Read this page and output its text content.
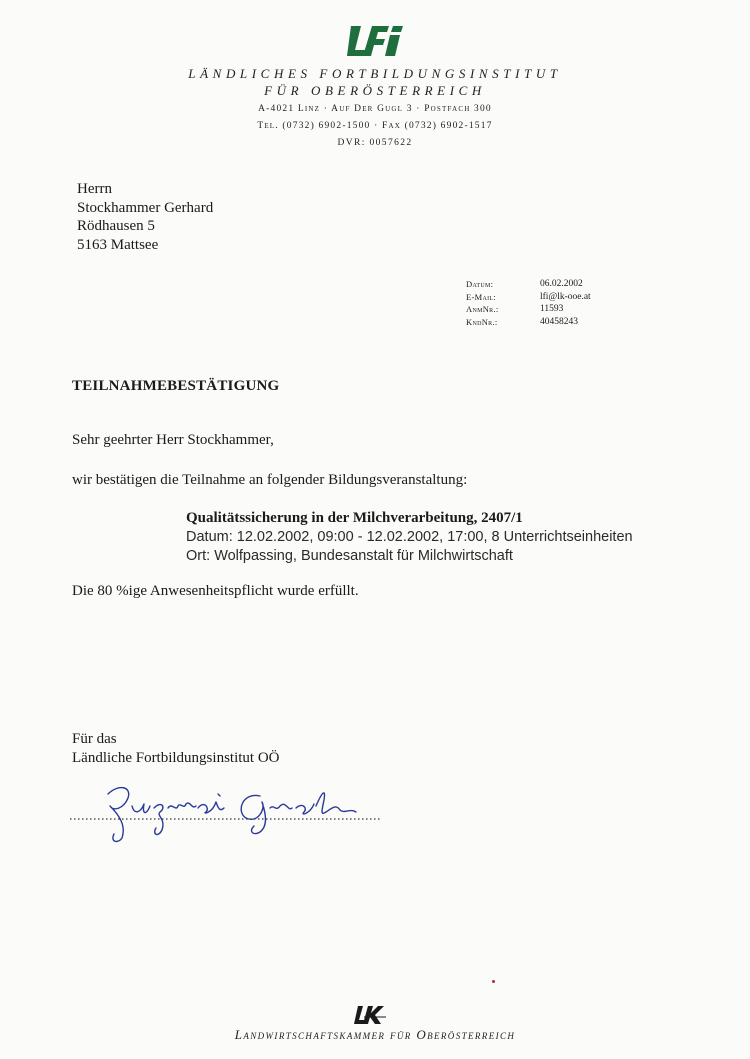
LÄNDLICHES FORTBILDUNGSINSTITUT
FÜR OBERÖSTERREICH
A-4021 Linz · Auf Der Gugl 3 · Postfach 300
Tel. (0732) 6902-1500 · Fax (0732) 6902-1517
DVR: 0057622
Herrn
Stockhammer Gerhard
Rödhausen 5
5163 Mattsee
Datum:	06.02.2002
E-Mail:	lfi@lk-ooe.at
AnmNr.:	11593
KndNr.:	40458243
TEILNAHMEBESTÄTIGUNG
Sehr geehrter Herr Stockhammer,
wir bestätigen die Teilnahme an folgender Bildungsveranstaltung:
Qualitätssicherung in der Milchverarbeitung, 2407/1
Datum: 12.02.2002, 09:00 - 12.02.2002, 17:00, 8 Unterrichtseinheiten
Ort: Wolfpassing, Bundesanstalt für Milchwirtschaft
Die 80 %ige Anwesenheitspflicht wurde erfüllt.
Für das
Ländliche Fortbildungsinstitut OÖ
Landwirtschaftskammer für Oberösterreich
